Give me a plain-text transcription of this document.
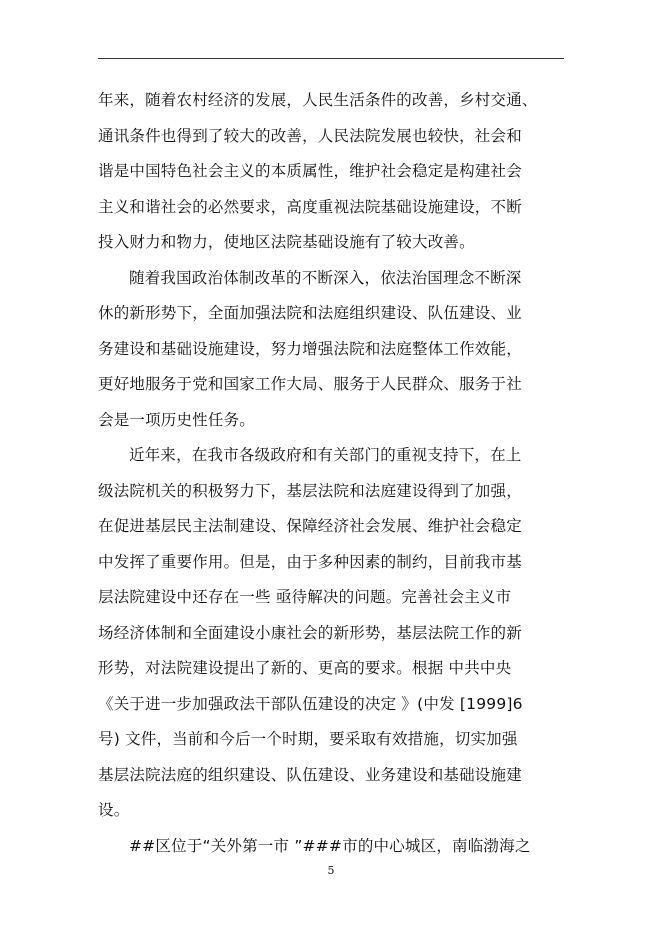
年来，随着农村经济的发展，人民生活条件的改善，乡村交通、
通讯条件也得到了较大的改善，人民法院发展也较快，社会和
谐是中国特色社会主义的本质属性，维护社会稳定是构建社会
主义和谐社会的必然要求，高度重视法院基础设施建设，不断
投入财力和物力，使地区法院基础设施有了较大改善。
随着我国政治体制改革的不断深入，依法治国理念不断深
休的新形势下，全面加强法院和法庭组织建设、队伍建设、业
务建设和基础设施建设，努力增强法院和法庭整体工作效能，
更好地服务于党和国家工作大局、服务于人民群众、服务于社
会是一项历史性任务。
近年来，在我市各级政府和有关部门的重视支持下，在上
级法院机关的积极努力下，基层法院和法庭建设得到了加强，
在促进基层民主法制建设、保障经济社会发展、维护社会稳定
中发挥了重要作用。但是，由于多种因素的制约，目前我市基
层法院建设中还存在一些 亟待解决的问题。完善社会主义市
场经济体制和全面建设小康社会的新形势，基层法院工作的新
形势，对法院建设提出了新的、更高的要求。根据 中共中央
《关于进一步加强政法干部队伍建设的决定 》(中发 [1999]6
号) 文件，当前和今后一个时期，要采取有效措施，切实加强
基层法院法庭的组织建设、队伍建设、业务建设和基础设施建
设。
##区位于“关外第一市 ”###市的中心城区，南临渤海之
5
